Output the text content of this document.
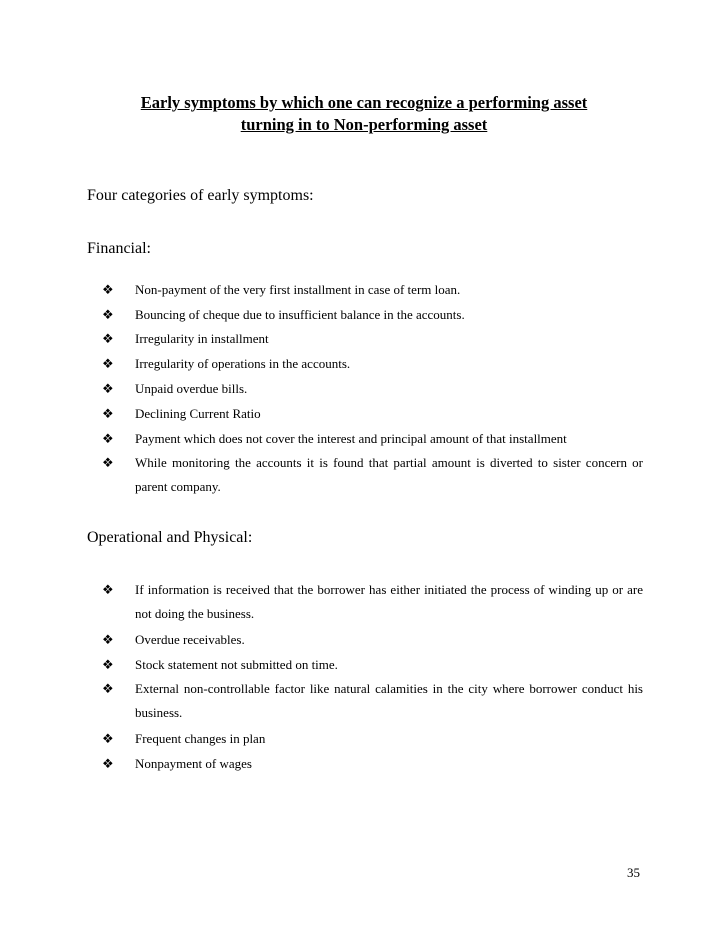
Early symptoms by which one can recognize a performing asset
turning in to Non-performing asset
Four categories of early symptoms:
Financial:
❖	Non-payment of the very first installment in case of term loan.
❖	Bouncing of cheque due to insufficient balance in the accounts.
❖	Irregularity in installment
❖	Irregularity of operations in the accounts.
❖	Unpaid overdue bills.
❖	Declining Current Ratio
❖	Payment which does not cover the interest and principal amount of that installment
❖	While monitoring the accounts it is found that partial amount is diverted to sister concern or parent company.
Operational and Physical:
❖	If information is received that the borrower has either initiated the process of winding up or are not doing the business.
❖	Overdue receivables.
❖	Stock statement not submitted on time.
❖	External non-controllable factor like natural calamities in the city where borrower conduct his business.
❖	Frequent changes in plan
❖	Nonpayment of wages
35
